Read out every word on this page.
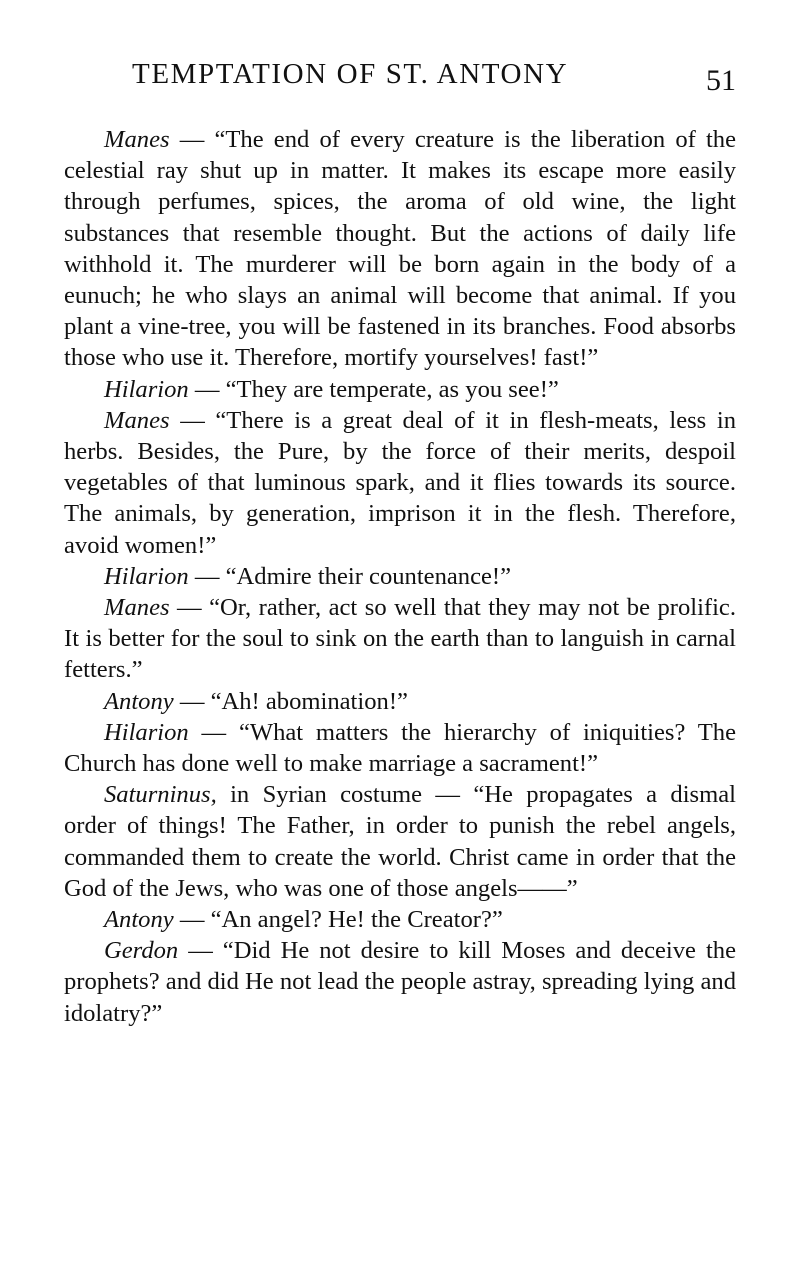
TEMPTATION OF ST. ANTONY	51

Manes — “The end of every creature is the liberation of the celestial ray shut up in matter. It makes its escape more easily through perfumes, spices, the aroma of old wine, the light substances that resemble thought. But the actions of daily life withhold it. The murderer will be born again in the body of a eunuch; he who slays an animal will become that animal. If you plant a vine-tree, you will be fastened in its branches. Food absorbs those who use it. Therefore, mortify yourselves! fast!”

Hilarion — “They are temperate, as you see!”

Manes — “There is a great deal of it in flesh-meats, less in herbs. Besides, the Pure, by the force of their merits, despoil vegetables of that luminous spark, and it flies towards its source. The animals, by generation, imprison it in the flesh. Therefore, avoid women!”

Hilarion — “Admire their countenance!”

Manes — “Or, rather, act so well that they may not be prolific. It is better for the soul to sink on the earth than to languish in carnal fetters.”

Antony — “Ah! abomination!”

Hilarion — “What matters the hierarchy of iniquities? The Church has done well to make marriage a sacrament!”

Saturninus, in Syrian costume — “He propagates a dismal order of things! The Father, in order to punish the rebel angels, commanded them to create the world. Christ came in order that the God of the Jews, who was one of those angels——”

Antony — “An angel? He! the Creator?”

Gerdon — “Did He not desire to kill Moses and deceive the prophets? and did He not lead the people astray, spreading lying and idolatry?”
